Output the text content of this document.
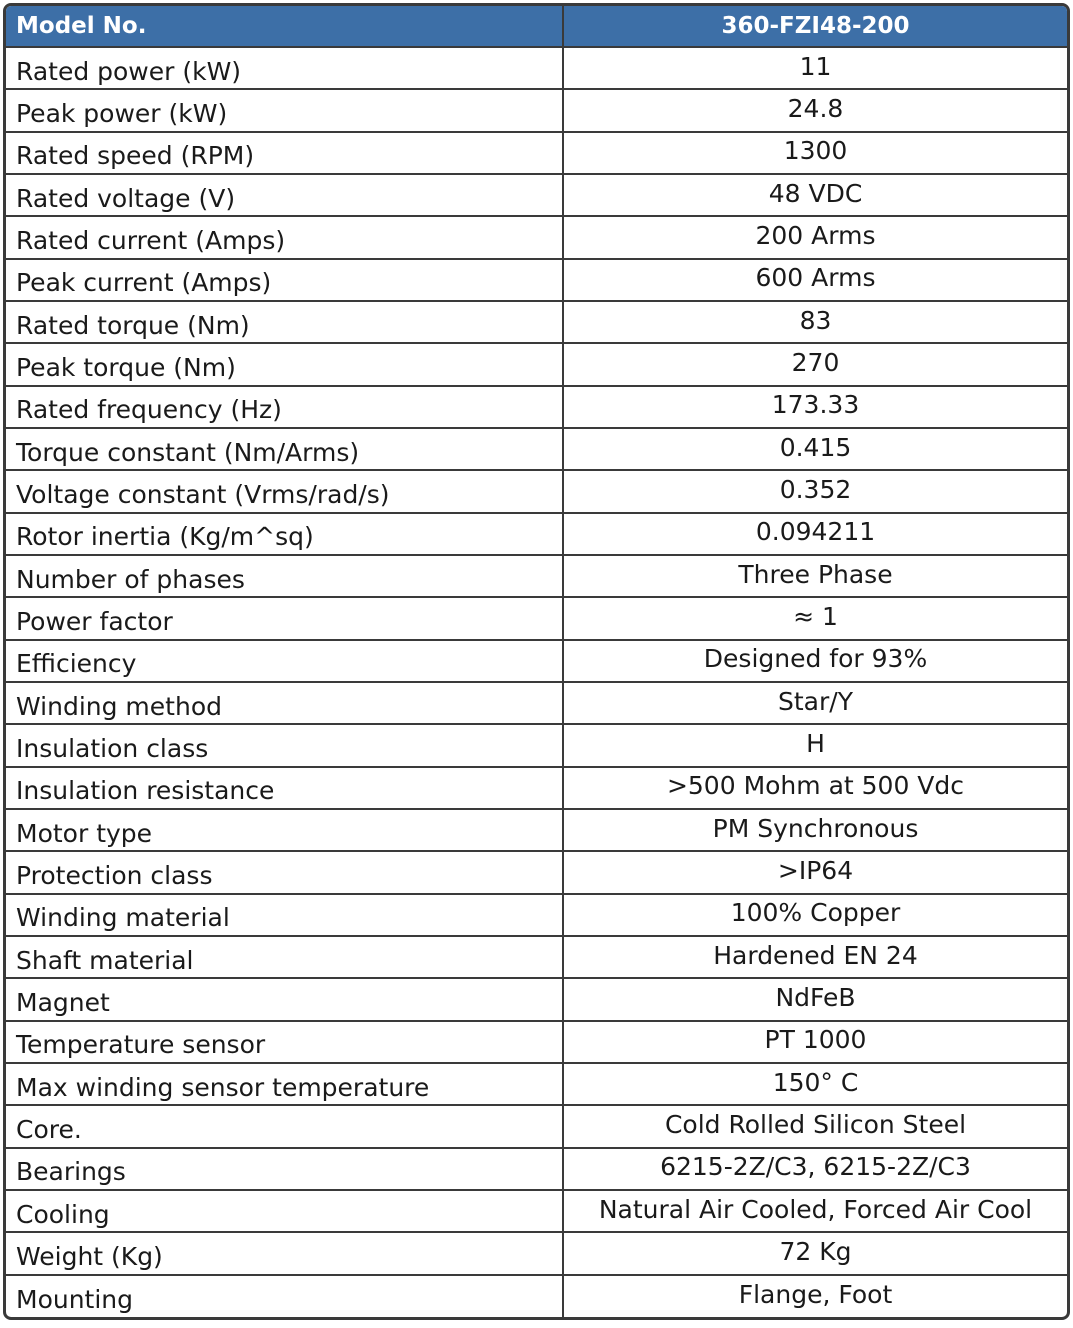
Model No.	360-FZI48-200
Rated power (kW)	11
Peak power (kW)	24.8
Rated speed (RPM)	1300
Rated voltage (V)	48 VDC
Rated current (Amps)	200 Arms
Peak current (Amps)	600 Arms
Rated torque (Nm)	83
Peak torque (Nm)	270
Rated frequency (Hz)	173.33
Torque constant (Nm/Arms)	0.415
Voltage constant (Vrms/rad/s)	0.352
Rotor inertia (Kg/m^sq)	0.094211
Number of phases	Three Phase
Power factor	≈ 1
Efficiency	Designed for 93%
Winding method	Star/Y
Insulation class	H
Insulation resistance	>500 Mohm at 500 Vdc
Motor type	PM Synchronous
Protection class	>IP64
Winding material	100% Copper
Shaft material	Hardened EN 24
Magnet	NdFeB
Temperature sensor	PT 1000
Max winding sensor temperature	150° C
Core.	Cold Rolled Silicon Steel
Bearings	6215-2Z/C3, 6215-2Z/C3
Cooling	Natural Air Cooled, Forced Air Cool
Weight (Kg)	72 Kg
Mounting	Flange, Foot
